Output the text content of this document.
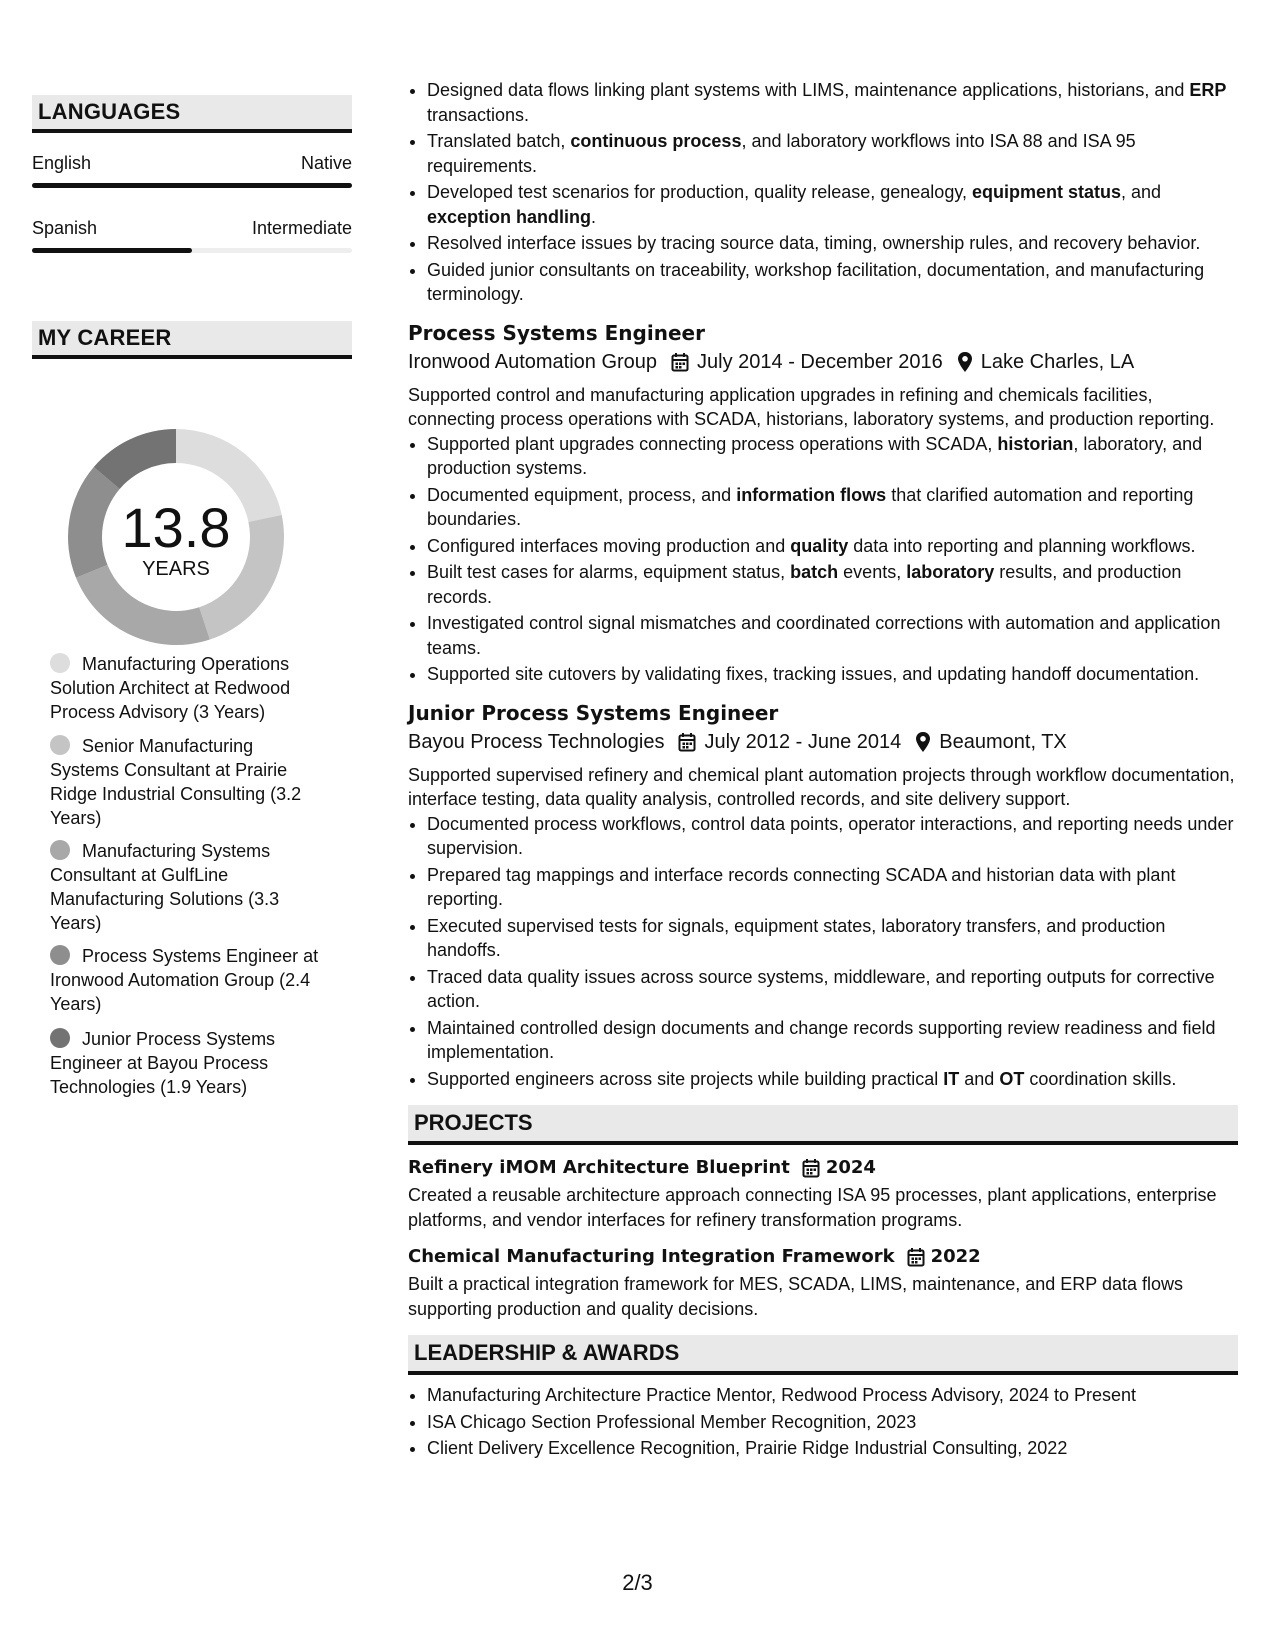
LANGUAGES
English	Native
Spanish	Intermediate
MY CAREER
13.8
YEARS
Manufacturing Operations Solution Architect at Redwood Process Advisory (3 Years)
Senior Manufacturing Systems Consultant at Prairie Ridge Industrial Consulting (3.2 Years)
Manufacturing Systems Consultant at GulfLine Manufacturing Solutions (3.3 Years)
Process Systems Engineer at Ironwood Automation Group (2.4 Years)
Junior Process Systems Engineer at Bayou Process Technologies (1.9 Years)
• Designed data flows linking plant systems with LIMS, maintenance applications, historians, and ERP transactions.
• Translated batch, continuous process, and laboratory workflows into ISA 88 and ISA 95 requirements.
• Developed test scenarios for production, quality release, genealogy, equipment status, and exception handling.
• Resolved interface issues by tracing source data, timing, ownership rules, and recovery behavior.
• Guided junior consultants on traceability, workshop facilitation, documentation, and manufacturing terminology.
Process Systems Engineer
Ironwood Automation Group July 2014 - December 2016 Lake Charles, LA
Supported control and manufacturing application upgrades in refining and chemicals facilities, connecting process operations with SCADA, historians, laboratory systems, and production reporting.
• Supported plant upgrades connecting process operations with SCADA, historian, laboratory, and production systems.
• Documented equipment, process, and information flows that clarified automation and reporting boundaries.
• Configured interfaces moving production and quality data into reporting and planning workflows.
• Built test cases for alarms, equipment status, batch events, laboratory results, and production records.
• Investigated control signal mismatches and coordinated corrections with automation and application teams.
• Supported site cutovers by validating fixes, tracking issues, and updating handoff documentation.
Junior Process Systems Engineer
Bayou Process Technologies July 2012 - June 2014 Beaumont, TX
Supported supervised refinery and chemical plant automation projects through workflow documentation, interface testing, data quality analysis, controlled records, and site delivery support.
• Documented process workflows, control data points, operator interactions, and reporting needs under supervision.
• Prepared tag mappings and interface records connecting SCADA and historian data with plant reporting.
• Executed supervised tests for signals, equipment states, laboratory transfers, and production handoffs.
• Traced data quality issues across source systems, middleware, and reporting outputs for corrective action.
• Maintained controlled design documents and change records supporting review readiness and field implementation.
• Supported engineers across site projects while building practical IT and OT coordination skills.
PROJECTS
Refinery iMOM Architecture Blueprint 2024
Created a reusable architecture approach connecting ISA 95 processes, plant applications, enterprise platforms, and vendor interfaces for refinery transformation programs.
Chemical Manufacturing Integration Framework 2022
Built a practical integration framework for MES, SCADA, LIMS, maintenance, and ERP data flows supporting production and quality decisions.
LEADERSHIP & AWARDS
• Manufacturing Architecture Practice Mentor, Redwood Process Advisory, 2024 to Present
• ISA Chicago Section Professional Member Recognition, 2023
• Client Delivery Excellence Recognition, Prairie Ridge Industrial Consulting, 2022
2/3
